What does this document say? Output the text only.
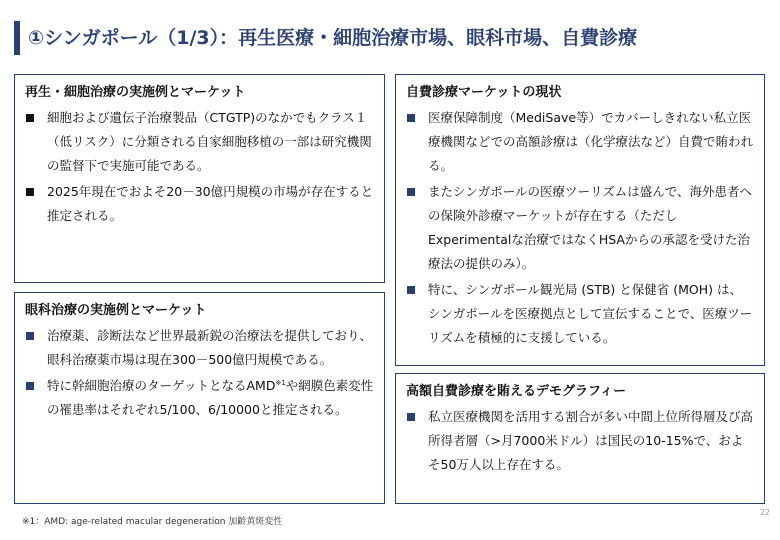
①シンガポール（1/3）：再生医療・細胞治療市場、眼科市場、自費診療
再生・細胞治療の実施例とマーケット
細胞および遺伝子治療製品（CTGTP)のなかでもクラス１（低リスク）に分類される自家細胞移植の一部は研究機関の監督下で実施可能である。
2025年現在でおよそ20－30億円規模の市場が存在すると推定される。
眼科治療の実施例とマーケット
治療薬、診断法など世界最新鋭の治療法を提供しており、眼科治療薬市場は現在300－500億円規模である。
特に幹細胞治療のターゲットとなるAMD$^{※1}$や網膜色素変性の罹患率はそれぞれ5/100、6/10000と推定される。
自費診療マーケットの現状
医療保障制度（MediSave等）でカバーしきれない私立医療機関などでの高額診療は（化学療法など）自費で賄われる。
またシンガポールの医療ツーリズムは盛んで、海外患者への保険外診療マーケットが存在する（ただしExperimentalな治療ではなくHSAからの承認を受けた治療法の提供のみ）。
特に、シンガポール観光局 (STB) と保健省 (MOH) は、シンガポールを医療拠点として宣伝することで、医療ツーリズムを積極的に支援している。
高額自費診療を賄えるデモグラフィー
私立医療機関を活用する割合が多い中間上位所得層及び高所得者層（>月7000米ドル）は国民の10-15%で、およそ50万人以上存在する。
※1：AMD: age-related macular degeneration 加齢黄斑変性
22
